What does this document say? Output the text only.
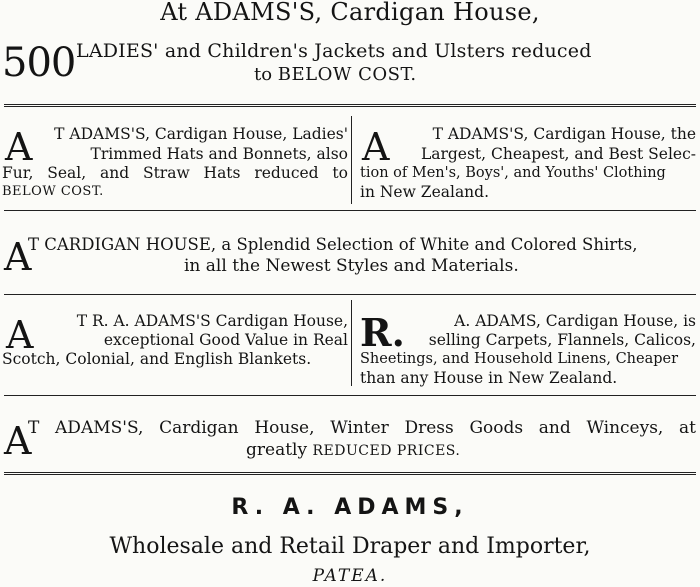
At ADAMS'S, Cardigan House,
500 LADIES' and Children's Jackets and Ulsters reduced
to BELOW COST.
A	T ADAMS'S, Cardigan House, Ladies'
Trimmed Hats and Bonnets, also
Fur, Seal, and Straw Hats reduced to
BELOW COST.
A	T ADAMS'S, Cardigan House, the
Largest, Cheapest, and Best Selec-
tion of Men's, Boys', and Youths' Clothing
in New Zealand.
A
T CARDIGAN HOUSE, a Splendid Selection of White and Colored Shirts,
in all the Newest Styles and Materials.
A	T R. A. ADAMS'S Cardigan House,
exceptional Good Value in Real
Scotch, Colonial, and English Blankets.
R.	A. ADAMS, Cardigan House, is
selling Carpets, Flannels, Calicos,
Sheetings, and Household Linens, Cheaper
than any House in New Zealand.
A
T ADAMS'S, Cardigan House, Winter Dress Goods and Winceys, at
greatly REDUCED PRICES.
R. A. ADAMS,
Wholesale and Retail Draper and Importer,
PATEA.
